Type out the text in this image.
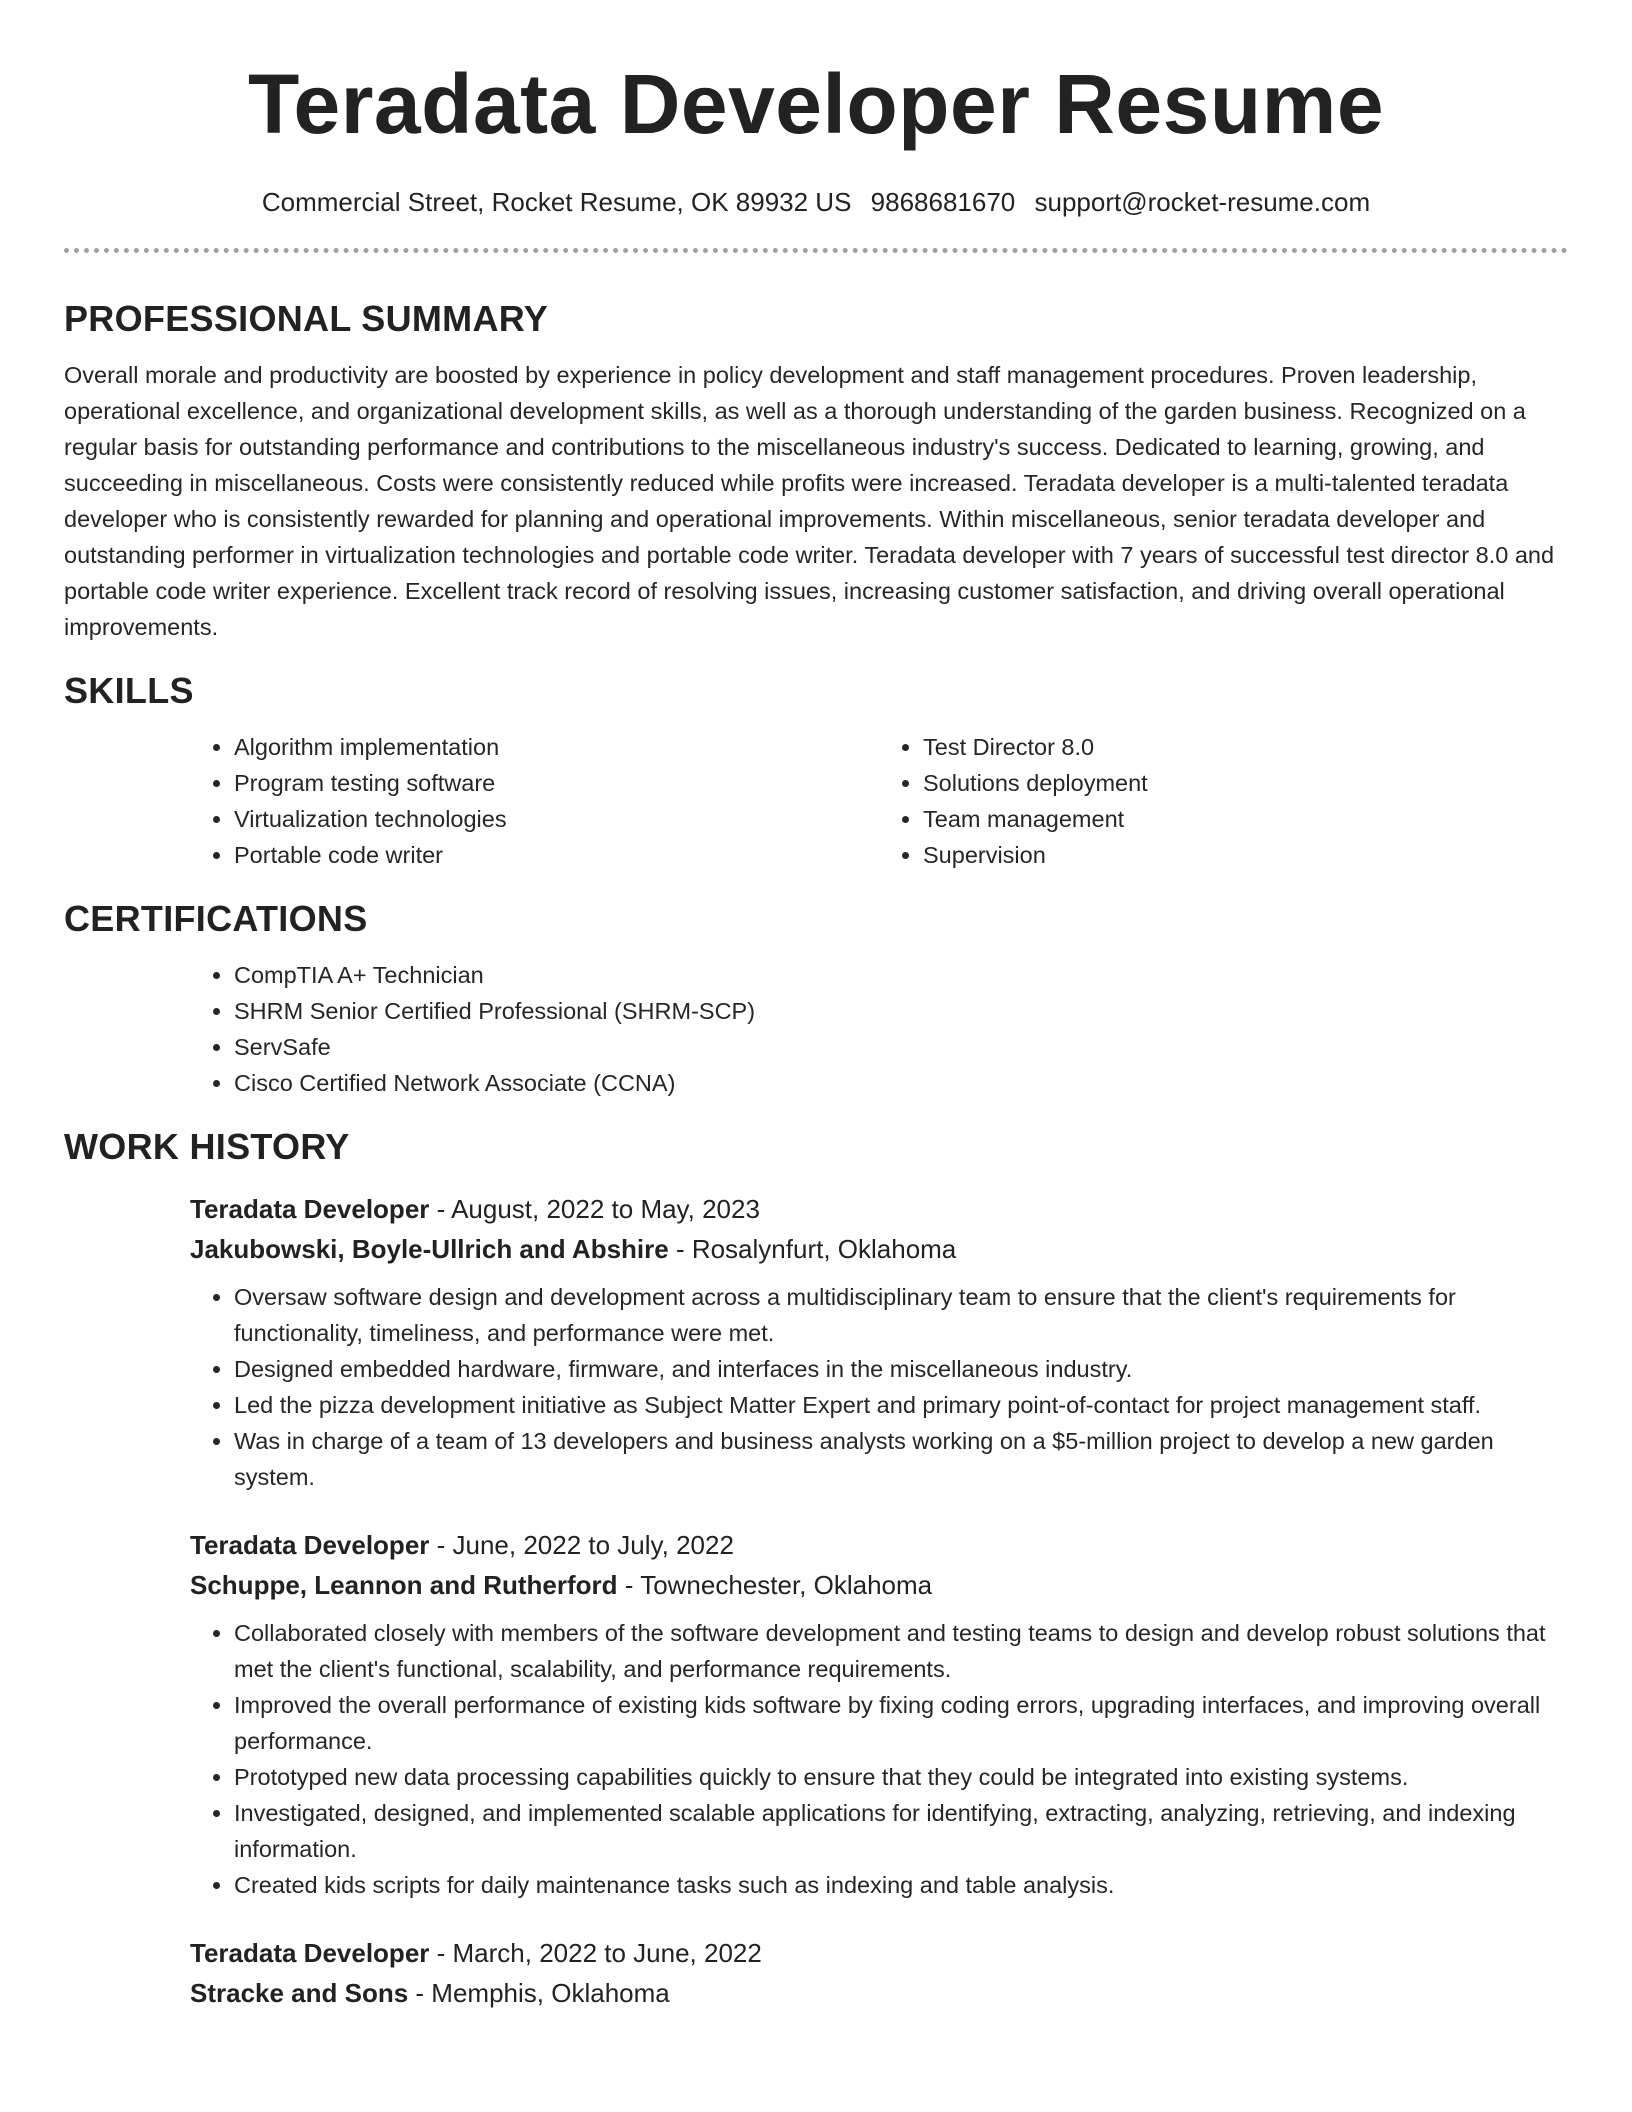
Teradata Developer Resume
Commercial Street, Rocket Resume, OK 89932 US 9868681670 support@rocket-resume.com
PROFESSIONAL SUMMARY

Overall morale and productivity are boosted by experience in policy development and staff management procedures. Proven leadership, operational excellence, and organizational development skills, as well as a thorough understanding of the garden business. Recognized on a regular basis for outstanding performance and contributions to the miscellaneous industry's success. Dedicated to learning, growing, and succeeding in miscellaneous. Costs were consistently reduced while profits were increased. Teradata developer is a multi-talented teradata developer who is consistently rewarded for planning and operational improvements. Within miscellaneous, senior teradata developer and outstanding performer in virtualization technologies and portable code writer. Teradata developer with 7 years of successful test director 8.0 and portable code writer experience. Excellent track record of resolving issues, increasing customer satisfaction, and driving overall operational improvements.

SKILLS
• Algorithm implementation
• Program testing software
• Virtualization technologies
• Portable code writer
• Test Director 8.0
• Solutions deployment
• Team management
• Supervision
CERTIFICATIONS
• CompTIA A+ Technician
• SHRM Senior Certified Professional (SHRM-SCP)
• ServSafe
• Cisco Certified Network Associate (CCNA)
WORK HISTORY
Teradata Developer - August, 2022 to May, 2023
Jakubowski, Boyle-Ullrich and Abshire - Rosalynfurt, Oklahoma
• Oversaw software design and development across a multidisciplinary team to ensure that the client's requirements for functionality, timeliness, and performance were met.
• Designed embedded hardware, firmware, and interfaces in the miscellaneous industry.
• Led the pizza development initiative as Subject Matter Expert and primary point-of-contact for project management staff.
• Was in charge of a team of 13 developers and business analysts working on a $5-million project to develop a new garden system.
Teradata Developer - June, 2022 to July, 2022
Schuppe, Leannon and Rutherford - Townechester, Oklahoma
• Collaborated closely with members of the software development and testing teams to design and develop robust solutions that met the client's functional, scalability, and performance requirements.
• Improved the overall performance of existing kids software by fixing coding errors, upgrading interfaces, and improving overall performance.
• Prototyped new data processing capabilities quickly to ensure that they could be integrated into existing systems.
• Investigated, designed, and implemented scalable applications for identifying, extracting, analyzing, retrieving, and indexing information.
• Created kids scripts for daily maintenance tasks such as indexing and table analysis.
Teradata Developer - March, 2022 to June, 2022
Stracke and Sons - Memphis, Oklahoma
